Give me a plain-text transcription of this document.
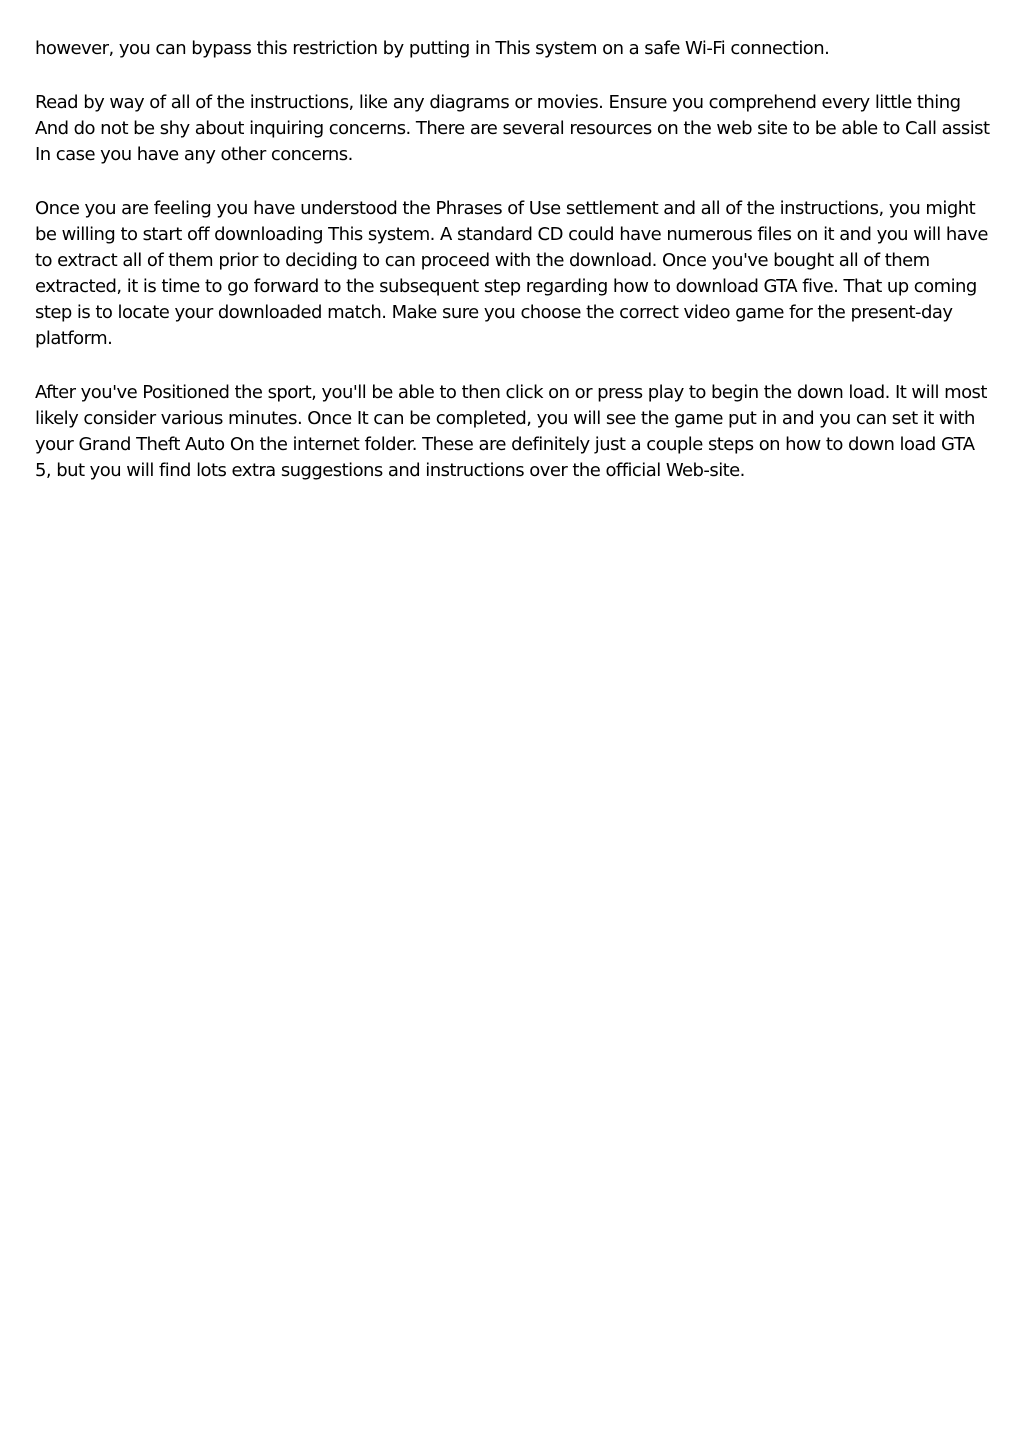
however, you can bypass this restriction by putting in This system on a safe Wi-Fi connection.

Read by way of all of the instructions, like any diagrams or movies. Ensure you comprehend every little thing And do not be shy about inquiring concerns. There are several resources on the web site to be able to Call assist In case you have any other concerns.

Once you are feeling you have understood the Phrases of Use settlement and all of the instructions, you might be willing to start off downloading This system. A standard CD could have numerous files on it and you will have to extract all of them prior to deciding to can proceed with the download. Once you've bought all of them extracted, it is time to go forward to the subsequent step regarding how to download GTA five. That up coming step is to locate your downloaded match. Make sure you choose the correct video game for the present-day platform.

After you've Positioned the sport, you'll be able to then click on or press play to begin the down load. It will most likely consider various minutes. Once It can be completed, you will see the game put in and you can set it with your Grand Theft Auto On the internet folder. These are definitely just a couple steps on how to down load GTA 5, but you will find lots extra suggestions and instructions over the official Web-site.
